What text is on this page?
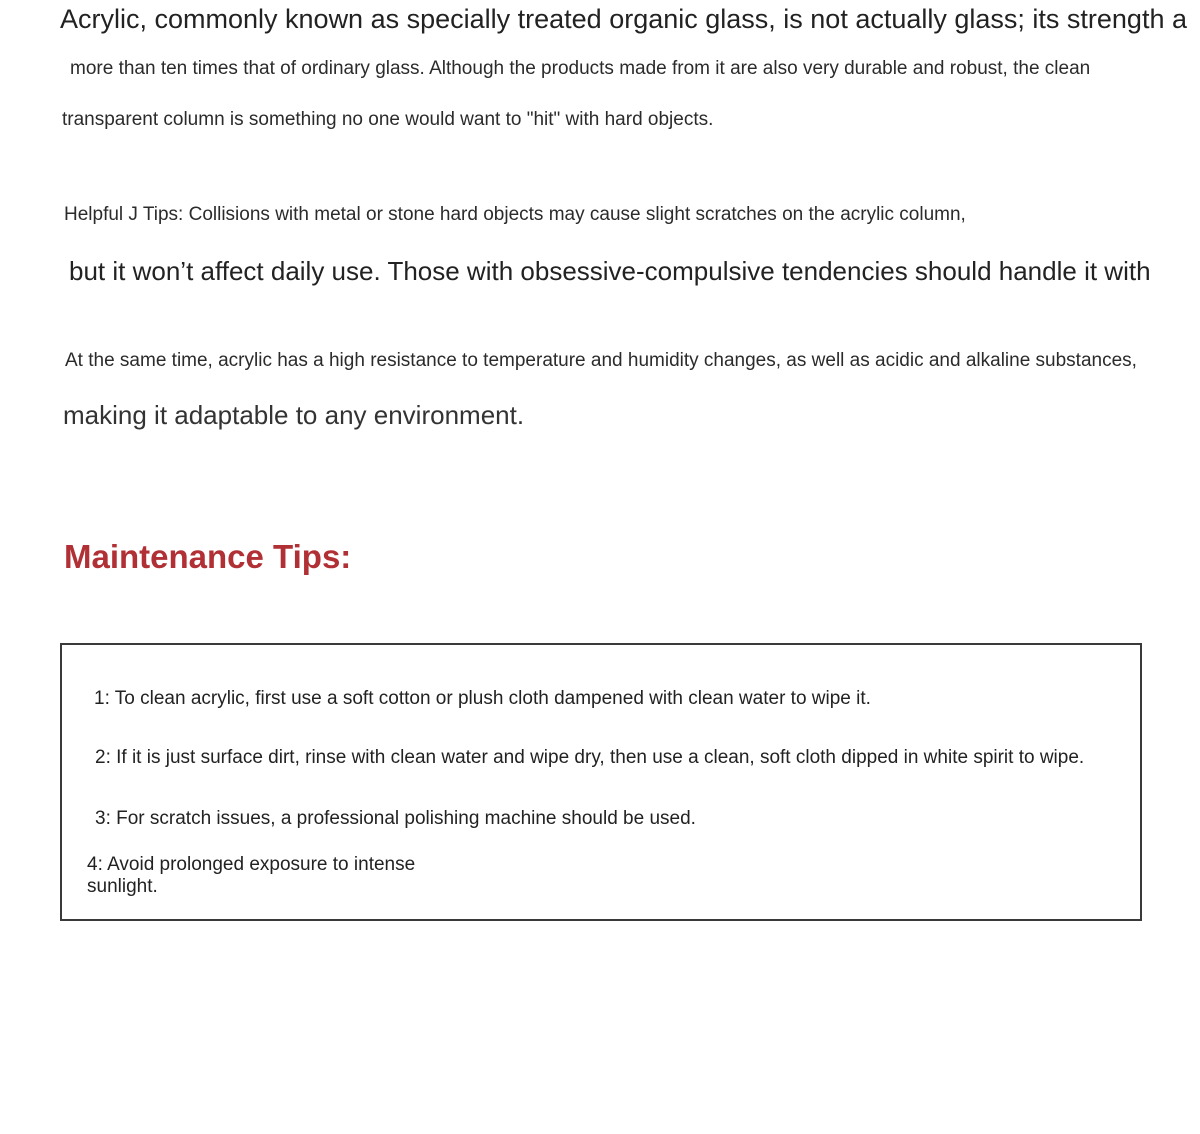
Acrylic, commonly known as specially treated organic glass, is not actually glass; its strength a

more than ten times that of ordinary glass. Although the products made from it are also very durable and robust, the clean

transparent column is something no one would want to "hit" with hard objects.

Helpful J Tips: Collisions with metal or stone hard objects may cause slight scratches on the acrylic column,

but it won’t affect daily use. Those with obsessive-compulsive tendencies should handle it with

At the same time, acrylic has a high resistance to temperature and humidity changes, as well as acidic and alkaline substances,

making it adaptable to any environment.

Maintenance Tips:

1: To clean acrylic, first use a soft cotton or plush cloth dampened with clean water to wipe it.

2: If it is just surface dirt, rinse with clean water and wipe dry, then use a clean, soft cloth dipped in white spirit to wipe.

3: For scratch issues, a professional polishing machine should be used.

4: Avoid prolonged exposure to intense sunlight.
